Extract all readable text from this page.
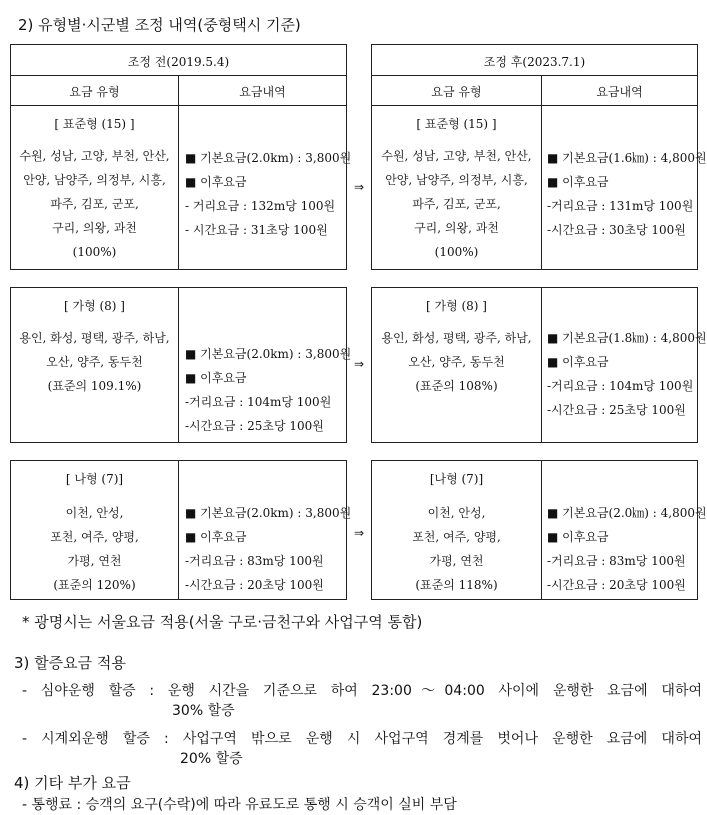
2) 유형별·시군별 조정 내역(중형택시 기준)
조정 전(2019.5.4)
요금 유형	요금내역
조정 후(2023.7.1)
요금 유형	요금내역
[ 표준형 (15) ]
수원, 성남, 고양, 부천, 안산,
안양, 남양주, 의정부, 시흥,
파주, 김포, 군포,
구리, 의왕, 과천
(100%)
■ 기본요금(2.0km) : 3,800원
■ 이후요금
- 거리요금 : 132m당 100원
- 시간요금 : 31초당 100원
⇒
[ 표준형 (15) ]
수원, 성남, 고양, 부천, 안산,
안양, 남양주, 의정부, 시흥,
파주, 김포, 군포,
구리, 의왕, 과천
(100%)
■ 기본요금(1.6㎞) : 4,800원
■ 이후요금
-거리요금 : 131m당 100원
-시간요금 : 30초당 100원
[ 가형 (8) ]
용인, 화성, 평택, 광주, 하남,
오산, 양주, 동두천
(표준의 109.1%)
■ 기본요금(2.0km) : 3,800원
■ 이후요금
-거리요금 : 104m당 100원
-시간요금 : 25초당 100원
⇒
[ 가형 (8) ]
용인, 화성, 평택, 광주, 하남,
오산, 양주, 동두천
(표준의 108%)
■ 기본요금(1.8㎞) : 4,800원
■ 이후요금
-거리요금 : 104m당 100원
-시간요금 : 25초당 100원
[ 나형 (7)]
이천, 안성,
포천, 여주, 양평,
가평, 연천
(표준의 120%)
■ 기본요금(2.0km) : 3,800원
■ 이후요금
-거리요금 : 83m당 100원
-시간요금 : 20초당 100원
⇒
[나형 (7)]
이천, 안성,
포천, 여주, 양평,
가평, 연천
(표준의 118%)
■ 기본요금(2.0㎞) : 4,800원
■ 이후요금
-거리요금 : 83m당 100원
-시간요금 : 20초당 100원
* 광명시는 서울요금 적용(서울 구로·금천구와 사업구역 통합)
3) 할증요금 적용
- 심야운행 할증 : 운행 시간을 기준으로 하여 23:00～04:00 사이에 운행한 요금에 대하여
30% 할증
- 시계외운행 할증 : 사업구역 밖으로 운행 시 사업구역 경계를 벗어나 운행한 요금에 대하여
20% 할증
4) 기타 부가 요금
- 통행료 : 승객의 요구(수락)에 따라 유료도로 통행 시 승객이 실비 부담
